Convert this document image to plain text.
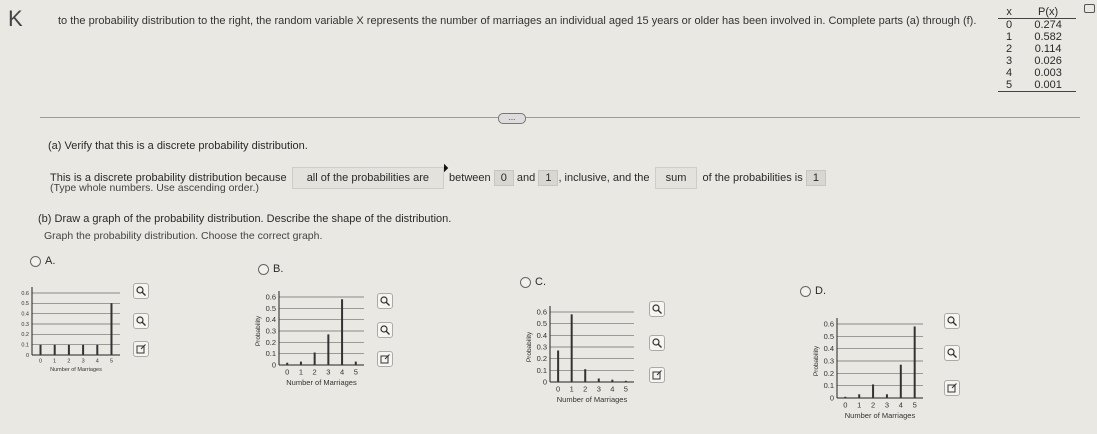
K	to the probability distribution to the right, the random variable X represents the number of marriages an individual aged 15 years or older has been involved in. Complete parts (a) through (f).
x	P(x)
0	0.274
1	0.582
2	0.114
3	0.026
4	0.003
5	0.001
...
(a) Verify that this is a discrete probability distribution.
This is a discrete probability distribution because all of the probabilities are between 0 and 1 , inclusive, and the sum of the probabilities is 1
(Type whole numbers. Use ascending order.)
(b) Draw a graph of the probability distribution. Describe the shape of the distribution.
Graph the probability distribution. Choose the correct graph.
A.
B.
C.
D.
0
0.1
0.2
0.3
0.4
0.5
0.6
0 1 2 3 4 5
Number of Marriages
0
0.1
0.2
0.3
0.4
0.5
0.6
0 1 2 3 4 5
Number of Marriages
Probability
0
0.1
0.2
0.3
0.4
0.5
0.6
0 1 2 3 4 5
Number of Marriages
Probability
0
0.1
0.2
0.3
0.4
0.5
0.6
0 1 2 3 4 5
Number of Marriages
Probability
